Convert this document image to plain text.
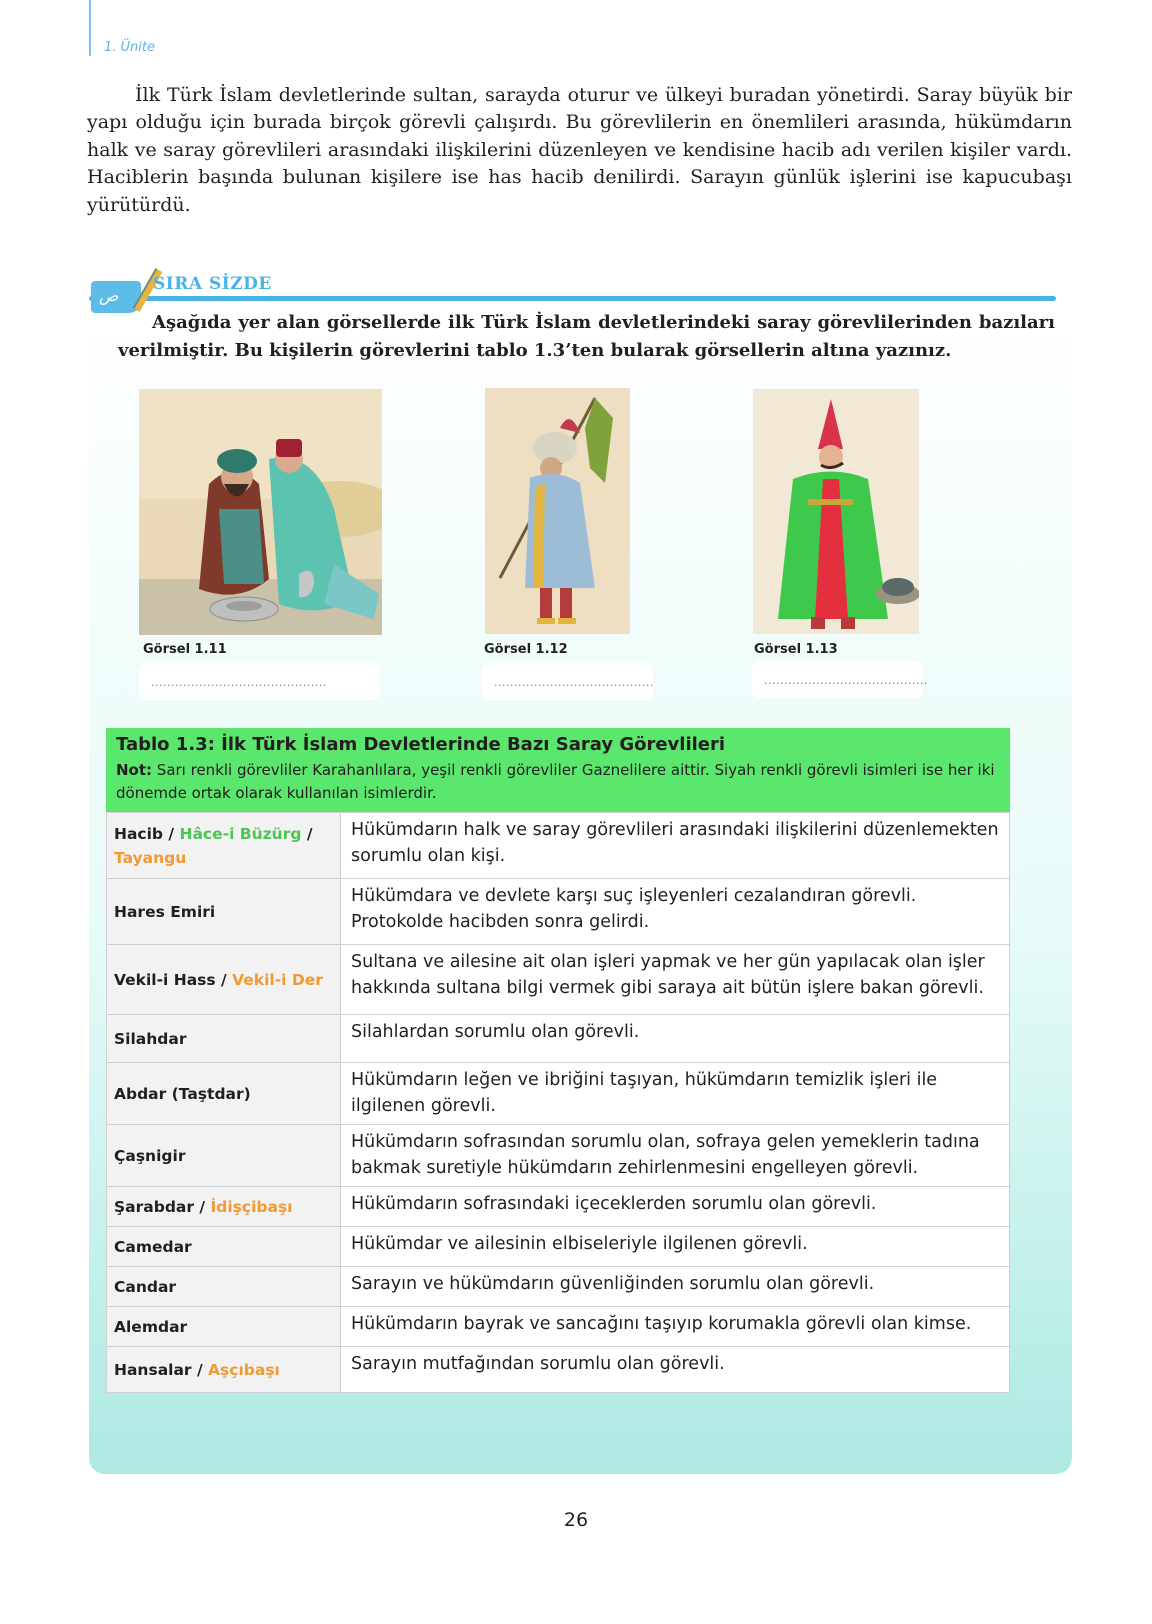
1. Ünite

İlk Türk İslam devletlerinde sultan, sarayda oturur ve ülkeyi buradan yönetirdi. Saray büyük bir yapı olduğu için burada birçok görevli çalışırdı. Bu görevlilerin en önemlileri arasında, hükümdarın halk ve saray görevlileri arasındaki ilişkilerini düzenleyen ve kendisine hacib adı verilen kişiler vardı. Haciblerin başında bulunan kişilere ise has hacib denilirdi. Sarayın günlük işlerini ise kapucubaşı yürütürdü.

ص
SIRA SİZDE

Aşağıda yer alan görsellerde ilk Türk İslam devletlerindeki saray görevlilerinden bazıları verilmiştir. Bu kişilerin görevlerini tablo 1.3’ten bularak görsellerin altına yazınız.

Görsel 1.11	Görsel 1.12	Görsel 1.13
............................................	........................................	.........................................
Tablo 1.3: İlk Türk İslam Devletlerinde Bazı Saray Görevlileri

Not: Sarı renkli görevliler Karahanlılara, yeşil renkli görevliler Gaznelilere aittir. Siyah renkli görevli isimleri ise her iki dönemde ortak olarak kullanılan isimlerdir.

Hacib / Hâce-i Büzürg / Tayangu	Hükümdarın halk ve saray görevlileri arasındaki ilişkilerini düzenlemekten sorumlu olan kişi.
Hares Emiri	Hükümdara ve devlete karşı suç işleyenleri cezalandıran görevli. Protokolde hacibden sonra gelirdi.
Vekil-i Hass / Vekil-i Der	Sultana ve ailesine ait olan işleri yapmak ve her gün yapılacak olan işler hakkında sultana bilgi vermek gibi saraya ait bütün işlere bakan görevli.
Silahdar	Silahlardan sorumlu olan görevli.
Abdar (Taştdar)	Hükümdarın leğen ve ibriğini taşıyan, hükümdarın temizlik işleri ile ilgilenen görevli.
Çaşnigir	Hükümdarın sofrasından sorumlu olan, sofraya gelen yemeklerin tadına bakmak suretiyle hükümdarın zehirlenmesini engelleyen görevli.
Şarabdar / İdişçibaşı	Hükümdarın sofrasındaki içeceklerden sorumlu olan görevli.
Camedar	Hükümdar ve ailesinin elbiseleriyle ilgilenen görevli.
Candar	Sarayın ve hükümdarın güvenliğinden sorumlu olan görevli.
Alemdar	Hükümdarın bayrak ve sancağını taşıyıp korumakla görevli olan kimse.
Hansalar / Aşçıbaşı	Sarayın mutfağından sorumlu olan görevli.
26
